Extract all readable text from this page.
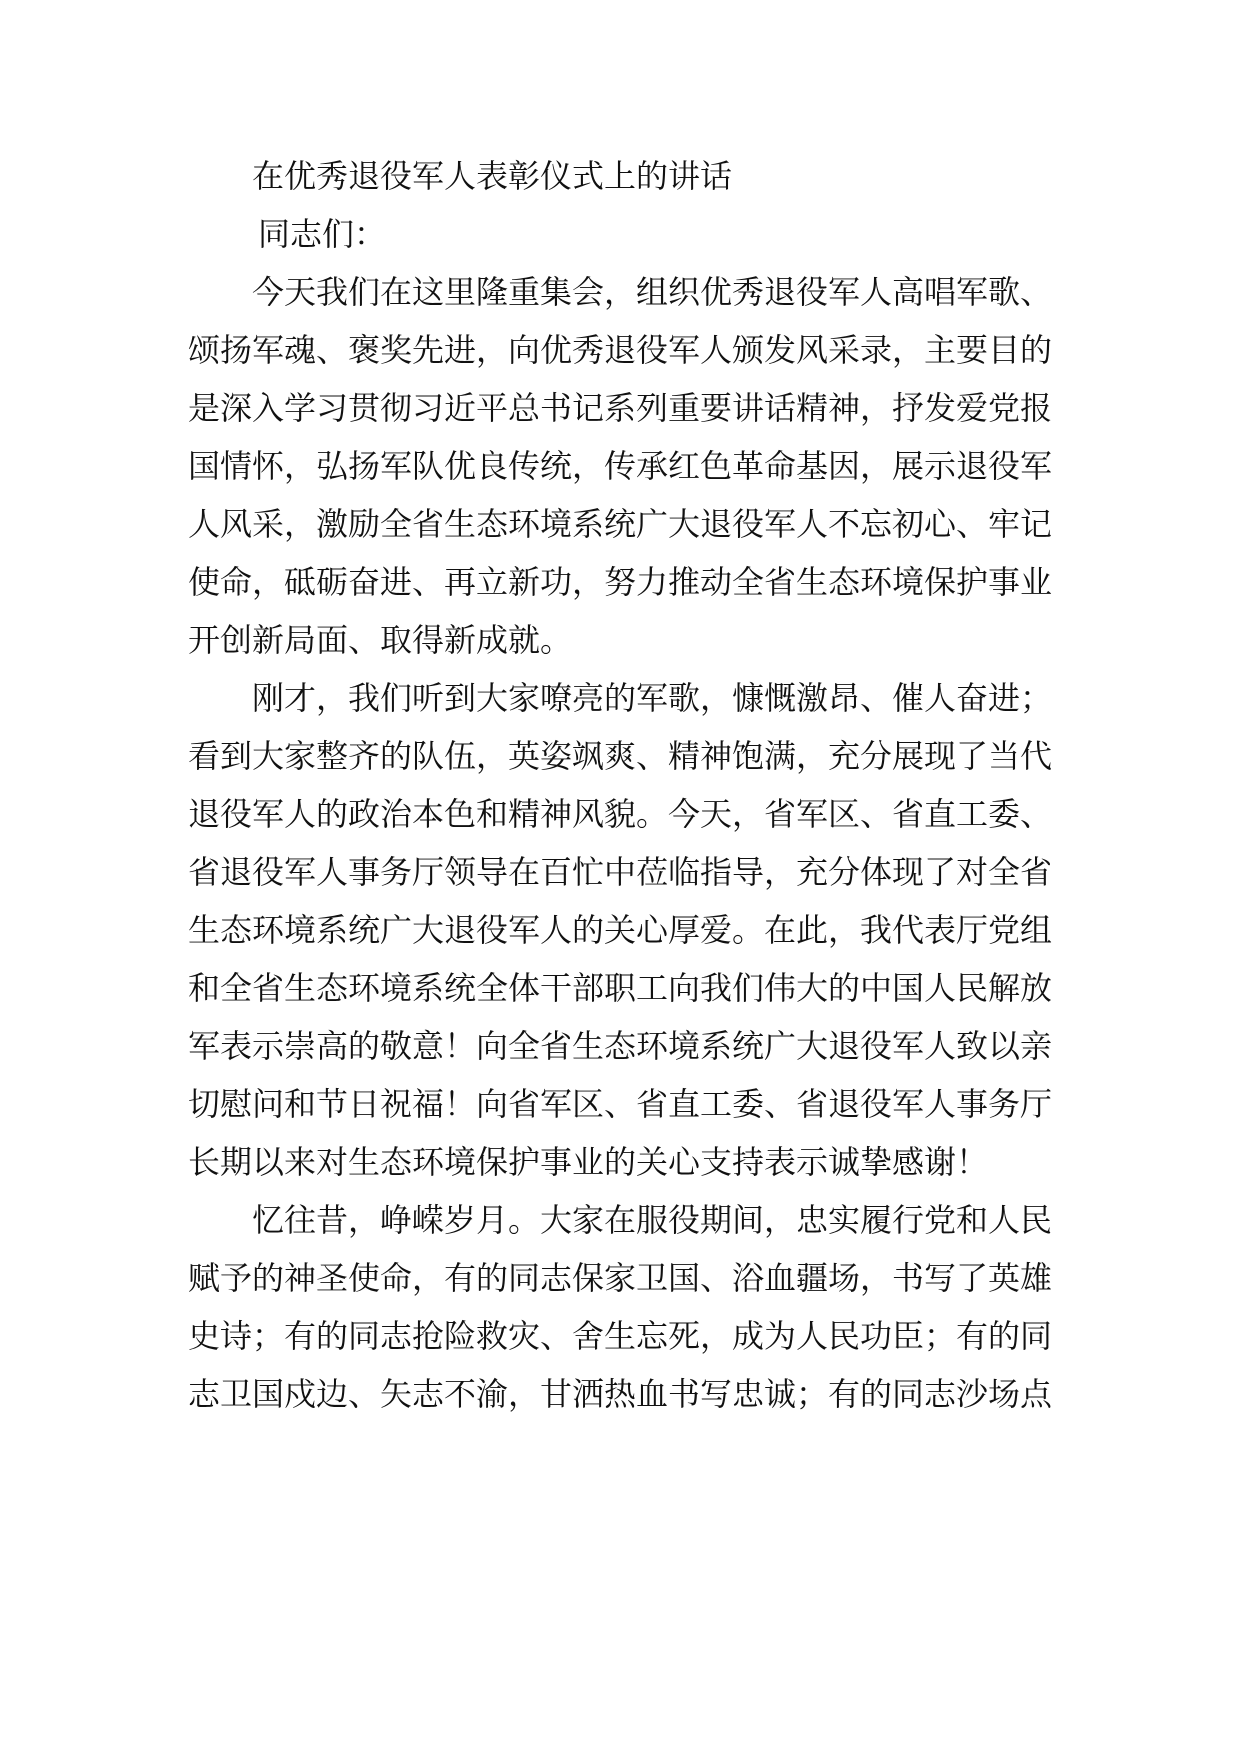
在优秀退役军人表彰仪式上的讲话

同志们：

今天我们在这里隆重集会，组织优秀退役军人高唱军歌、

颂扬军魂、褒奖先进，向优秀退役军人颁发风采录，主要目的

是深入学习贯彻习近平总书记系列重要讲话精神，抒发爱党报

国情怀，弘扬军队优良传统，传承红色革命基因，展示退役军

人风采，激励全省生态环境系统广大退役军人不忘初心、牢记

使命，砥砺奋进、再立新功，努力推动全省生态环境保护事业

开创新局面、取得新成就。

刚才，我们听到大家嘹亮的军歌，慷慨激昂、催人奋进；

看到大家整齐的队伍，英姿飒爽、精神饱满，充分展现了当代

退役军人的政治本色和精神风貌。今天，省军区、省直工委、

省退役军人事务厅领导在百忙中莅临指导，充分体现了对全省

生态环境系统广大退役军人的关心厚爱。在此，我代表厅党组

和全省生态环境系统全体干部职工向我们伟大的中国人民解放

军表示崇高的敬意！向全省生态环境系统广大退役军人致以亲

切慰问和节日祝福！向省军区、省直工委、省退役军人事务厅

长期以来对生态环境保护事业的关心支持表示诚挚感谢！

忆往昔，峥嵘岁月。大家在服役期间，忠实履行党和人民

赋予的神圣使命，有的同志保家卫国、浴血疆场，书写了英雄

史诗；有的同志抢险救灾、舍生忘死，成为人民功臣；有的同

志卫国戍边、矢志不渝，甘洒热血书写忠诚；有的同志沙场点
